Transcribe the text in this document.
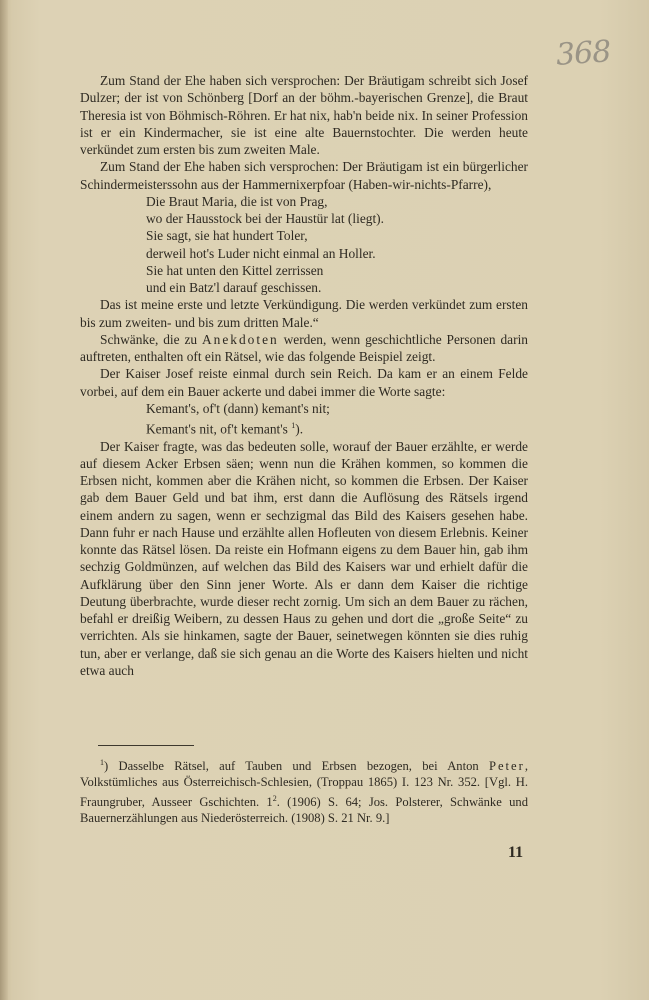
368

Zum Stand der Ehe haben sich versprochen: Der Bräutigam schreibt sich Josef Dulzer; der ist von Schönberg [Dorf an der böhm.-bayerischen Grenze], die Braut Theresia ist von Böhmisch-Röhren. Er hat nix, hab'n beide nix. In seiner Profession ist er ein Kindermacher, sie ist eine alte Bauernstochter. Die werden heute verkündet zum ersten bis zum zweiten Male.

Zum Stand der Ehe haben sich versprochen: Der Bräutigam ist ein bürgerlicher Schindermeisterssohn aus der Hammernixerpfoar (Haben-wir-nichts-Pfarre),

Die Braut Maria, die ist von Prag,
wo der Hausstock bei der Haustür lat (liegt).
Sie sagt, sie hat hundert Toler,
derweil hot's Luder nicht einmal an Holler.
Sie hat unten den Kittel zerrissen
und ein Batz'l darauf geschissen.

Das ist meine erste und letzte Verkündigung. Die werden verkündet zum ersten bis zum zweiten- und bis zum dritten Male.“

Schwänke, die zu Anekdoten werden, wenn geschichtliche Personen darin auftreten, enthalten oft ein Rätsel, wie das folgende Beispiel zeigt.

Der Kaiser Josef reiste einmal durch sein Reich. Da kam er an einem Felde vorbei, auf dem ein Bauer ackerte und dabei immer die Worte sagte:

Kemant's, of't (dann) kemant's nit;
Kemant's nit, of't kemant's $^1$).

Der Kaiser fragte, was das bedeuten solle, worauf der Bauer erzählte, er werde auf diesem Acker Erbsen säen; wenn nun die Krähen kommen, so kommen die Erbsen nicht, kommen aber die Krähen nicht, so kommen die Erbsen. Der Kaiser gab dem Bauer Geld und bat ihm, erst dann die Auflösung des Rätsels irgend einem andern zu sagen, wenn er sechzigmal das Bild des Kaisers gesehen habe. Dann fuhr er nach Hause und erzählte allen Hofleuten von diesem Erlebnis. Keiner konnte das Rätsel lösen. Da reiste ein Hofmann eigens zu dem Bauer hin, gab ihm sechzig Goldmünzen, auf welchen das Bild des Kaisers war und erhielt dafür die Aufklärung über den Sinn jener Worte. Als er dann dem Kaiser die richtige Deutung überbrachte, wurde dieser recht zornig. Um sich an dem Bauer zu rächen, befahl er dreißig Weibern, zu dessen Haus zu gehen und dort die „große Seite“ zu verrichten. Als sie hinkamen, sagte der Bauer, seinetwegen könnten sie dies ruhig tun, aber er verlange, daß sie sich genau an die Worte des Kaisers hielten und nicht etwa auch

$^1$) Dasselbe Rätsel, auf Tauben und Erbsen bezogen, bei Anton Peter, Volkstümliches aus Österreichisch-Schlesien, (Troppau 1865) I. 123 Nr. 352. [Vgl. H. Fraungruber, Ausseer Gschichten. $1^2$. (1906) S. 64; Jos. Polsterer, Schwänke und Bauernerzählungen aus Niederösterreich. (1908) S. 21 Nr. 9.]

11
